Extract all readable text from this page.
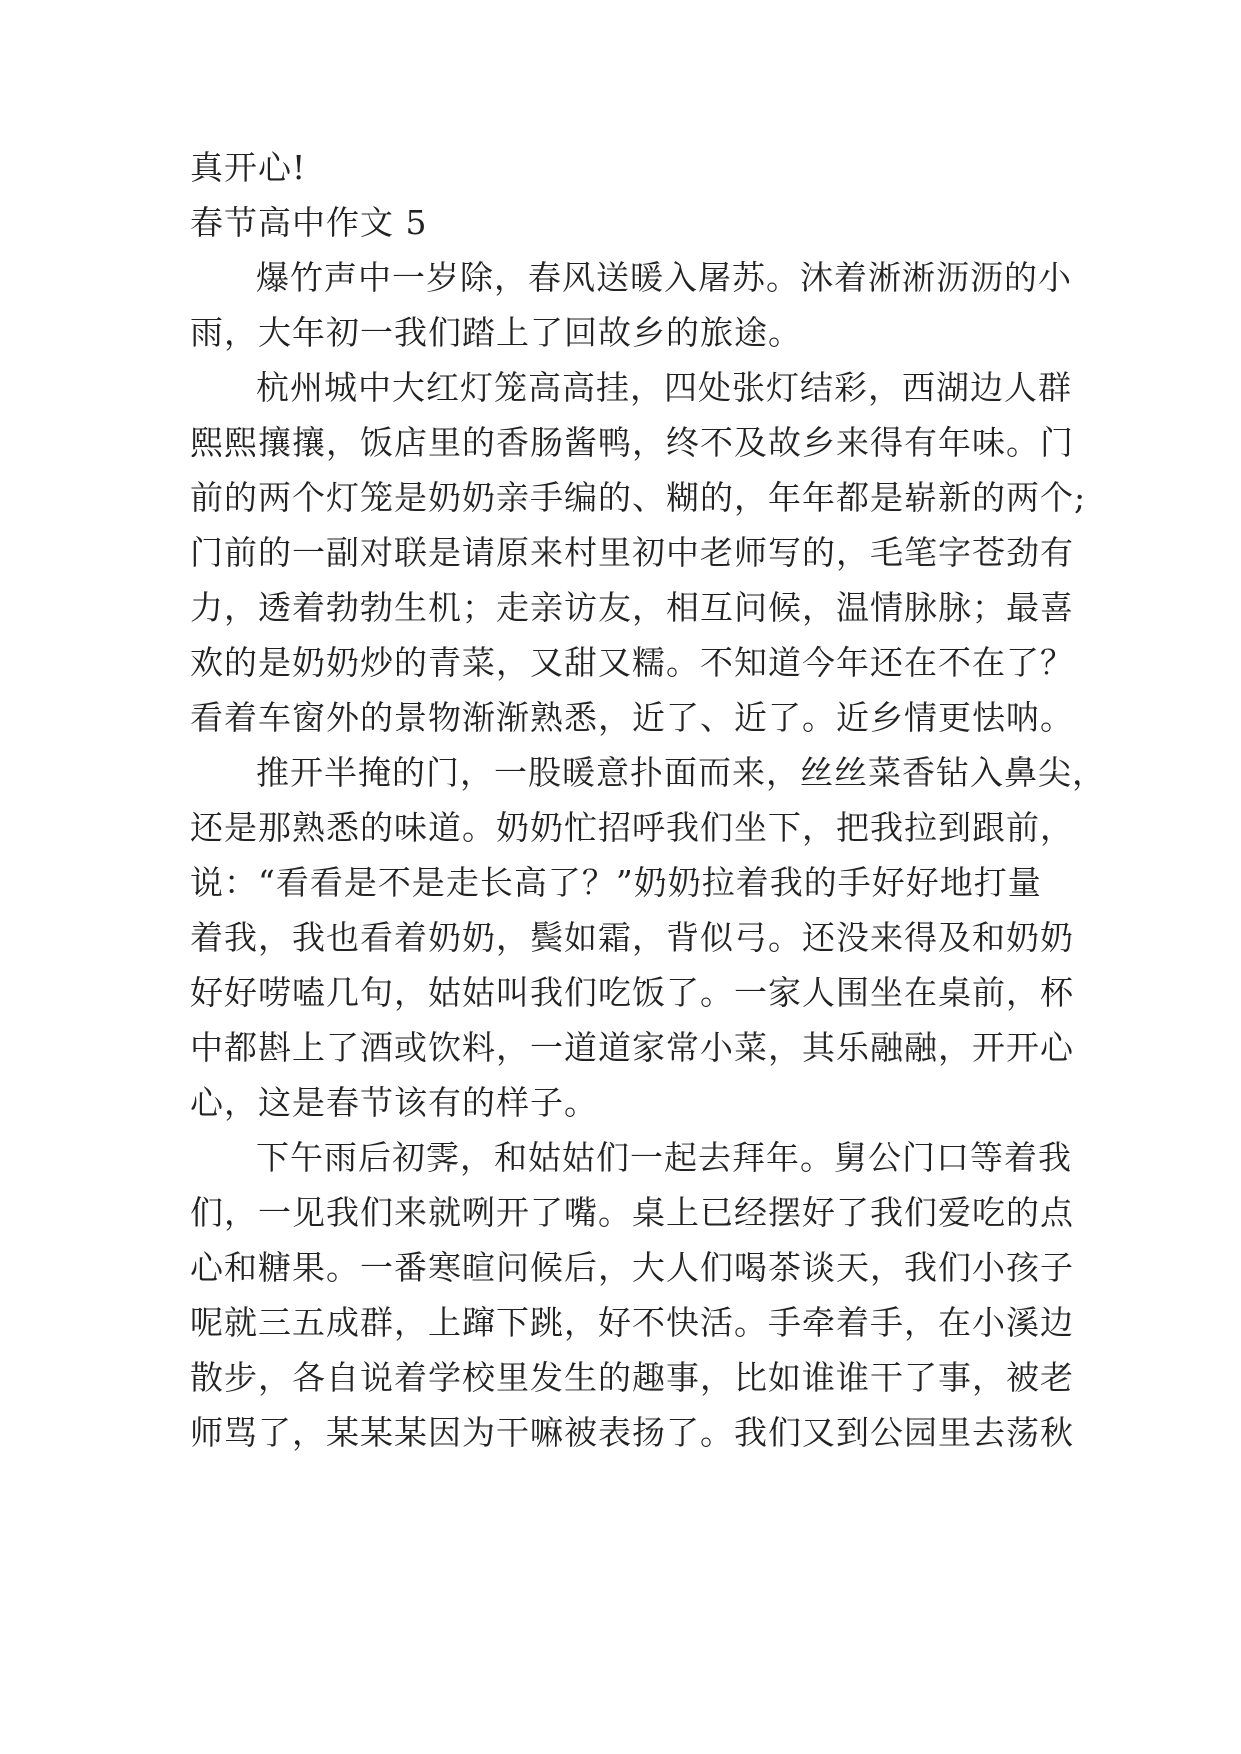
真开心!
春节高中作文 5
爆竹声中一岁除，春风送暖入屠苏。沐着淅淅沥沥的小
雨，大年初一我们踏上了回故乡的旅途。
杭州城中大红灯笼高高挂，四处张灯结彩，西湖边人群
熙熙攘攘，饭店里的香肠酱鸭，终不及故乡来得有年味。门
前的两个灯笼是奶奶亲手编的、糊的，年年都是崭新的两个;
门前的一副对联是请原来村里初中老师写的，毛笔字苍劲有
力，透着勃勃生机；走亲访友，相互问候，温情脉脉；最喜
欢的是奶奶炒的青菜，又甜又糯。不知道今年还在不在了？
看着车窗外的景物渐渐熟悉，近了、近了。近乡情更怯呐。
推开半掩的门，一股暖意扑面而来，丝丝菜香钻入鼻尖，
还是那熟悉的味道。奶奶忙招呼我们坐下，把我拉到跟前，
说：“看看是不是走长高了？”奶奶拉着我的手好好地打量
着我，我也看着奶奶，鬓如霜，背似弓。还没来得及和奶奶
好好唠嗑几句，姑姑叫我们吃饭了。一家人围坐在桌前，杯
中都斟上了酒或饮料，一道道家常小菜，其乐融融，开开心
心，这是春节该有的样子。
下午雨后初霁，和姑姑们一起去拜年。舅公门口等着我
们，一见我们来就咧开了嘴。桌上已经摆好了我们爱吃的点
心和糖果。一番寒暄问候后，大人们喝茶谈天，我们小孩子
呢就三五成群，上蹿下跳，好不快活。手牵着手，在小溪边
散步，各自说着学校里发生的趣事，比如谁谁干了事，被老
师骂了，某某某因为干嘛被表扬了。我们又到公园里去荡秋
